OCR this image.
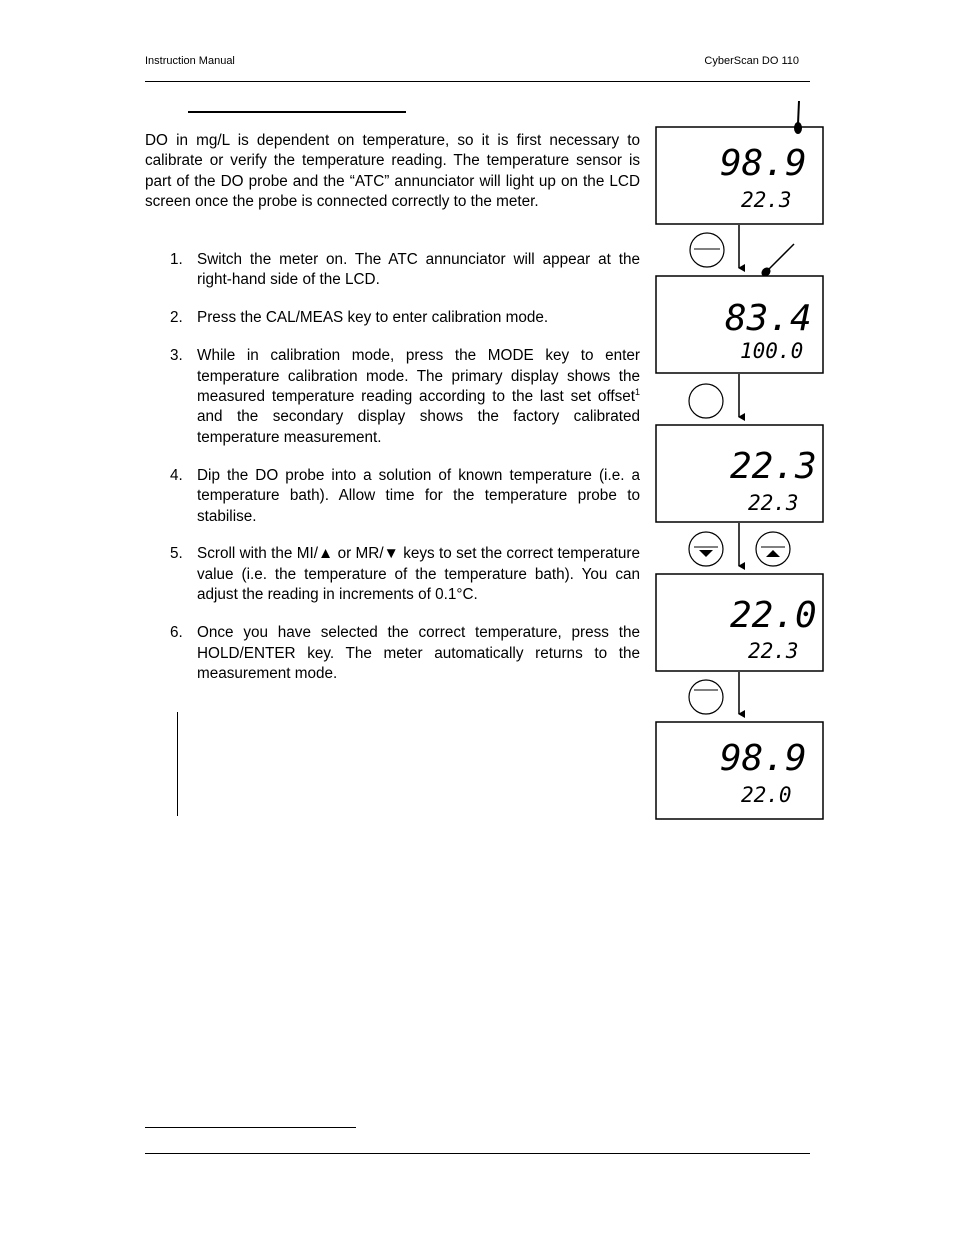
Instruction Manual	CyberScan DO 110

DO in mg/L is dependent on temperature, so it is first necessary to calibrate or verify the temperature reading. The temperature sensor is part of the DO probe and the “ATC” annunciator will light up on the LCD screen once the probe is connected correctly to the meter.

1. Switch the meter on. The ATC annunciator will appear at the right-hand side of the LCD.
2. Press the CAL/MEAS key to enter calibration mode.
3. While in calibration mode, press the MODE key to enter temperature calibration mode. The primary display shows the measured temperature reading according to the last set offset$^1$ and the secondary display shows the factory calibrated temperature measurement.
4. Dip the DO probe into a solution of known temperature (i.e. a temperature bath). Allow time for the temperature probe to stabilise.
5. Scroll with the MI/▲ or MR/▼ keys to set the correct temperature value (i.e. the temperature of the temperature bath). You can adjust the reading in increments of 0.1°C.
6. Once you have selected the correct temperature, press the HOLD/ENTER key. The meter automatically returns to the measurement mode.
98.9
22.3
83.4
100.0
22.3
22.3
22.0
22.3
98.9
22.0
